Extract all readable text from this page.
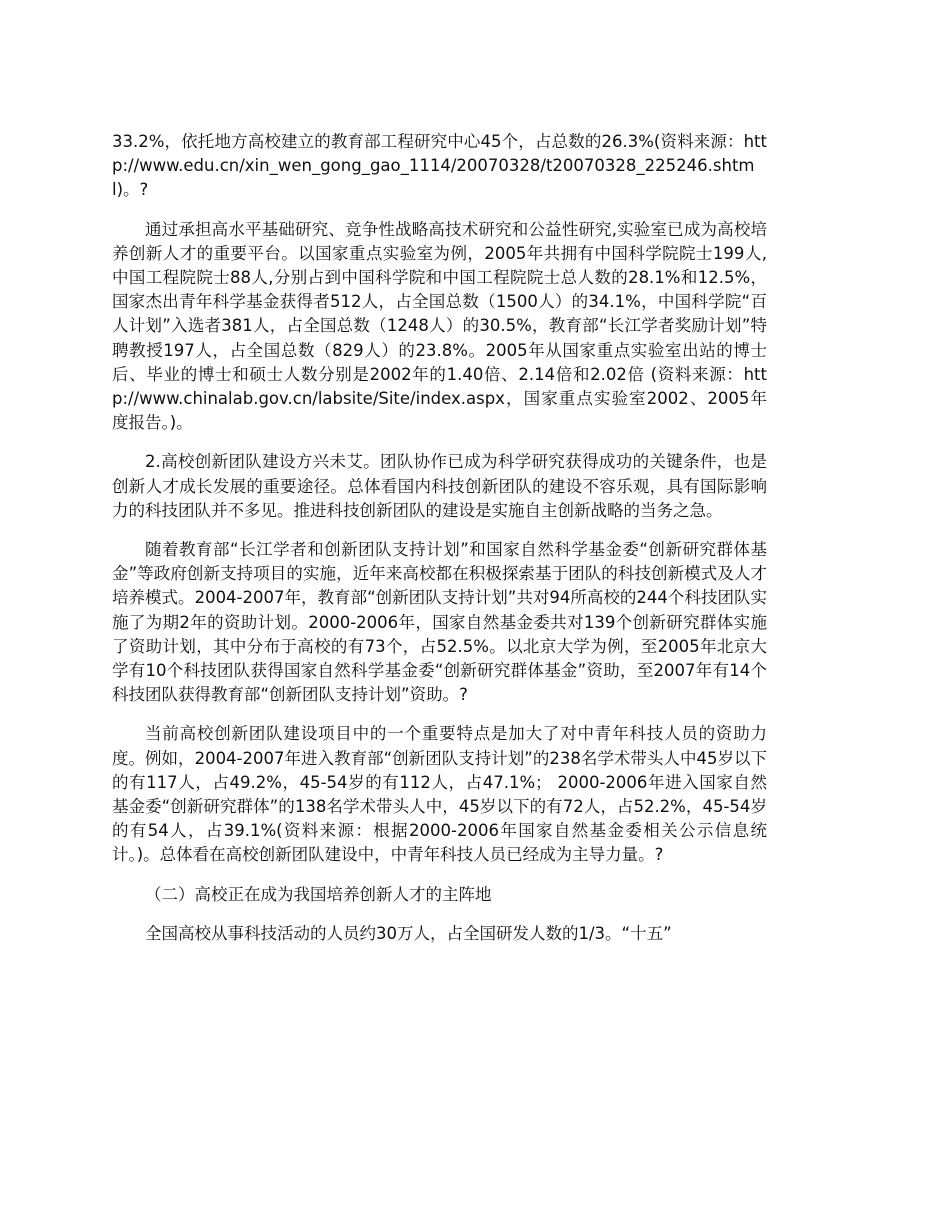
33.2%，依托地方高校建立的教育部工程研究中心45个，占总数的26.3%(资料来源：http://www.edu.cn/xin_wen_gong_gao_1114/20070328/t20070328_225246.shtml)。?

通过承担高水平基础研究、竞争性战略高技术研究和公益性研究,实验室已成为高校培养创新人才的重要平台。以国家重点实验室为例，2005年共拥有中国科学院院士199人,中国工程院院士88人,分别占到中国科学院和中国工程院院士总人数的28.1%和12.5%，国家杰出青年科学基金获得者512人，占全国总数（1500人）的34.1%，中国科学院“百人计划”入选者381人，占全国总数（1248人）的30.5%，教育部“长江学者奖励计划”特聘教授197人，占全国总数（829人）的23.8%。2005年从国家重点实验室出站的博士后、毕业的博士和硕士人数分别是2002年的1.40倍、2.14倍和2.02倍 (资料来源：http://www.chinalab.gov.cn/labsite/Site/index.aspx，国家重点实验室2002、2005年度报告。)。

2.高校创新团队建设方兴未艾。团队协作已成为科学研究获得成功的关键条件，也是创新人才成长发展的重要途径。总体看国内科技创新团队的建设不容乐观，具有国际影响力的科技团队并不多见。推进科技创新团队的建设是实施自主创新战略的当务之急。

随着教育部“长江学者和创新团队支持计划”和国家自然科学基金委“创新研究群体基金”等政府创新支持项目的实施，近年来高校都在积极探索基于团队的科技创新模式及人才培养模式。2004-2007年，教育部“创新团队支持计划”共对94所高校的244个科技团队实施了为期2年的资助计划。2000-2006年，国家自然基金委共对139个创新研究群体实施了资助计划，其中分布于高校的有73个，占52.5%。以北京大学为例，至2005年北京大学有10个科技团队获得国家自然科学基金委“创新研究群体基金”资助，至2007年有14个科技团队获得教育部“创新团队支持计划”资助。?

当前高校创新团队建设项目中的一个重要特点是加大了对中青年科技人员的资助力度。例如，2004-2007年进入教育部“创新团队支持计划”的238名学术带头人中45岁以下的有117人，占49.2%，45-54岁的有112人，占47.1%； 2000-2006年进入国家自然基金委“创新研究群体”的138名学术带头人中，45岁以下的有72人，占52.2%，45-54岁的有54人，占39.1%(资料来源：根据2000-2006年国家自然基金委相关公示信息统计。)。总体看在高校创新团队建设中，中青年科技人员已经成为主导力量。?

（二）高校正在成为我国培养创新人才的主阵地

全国高校从事科技活动的人员约30万人，占全国研发人数的1/3。“十五”
